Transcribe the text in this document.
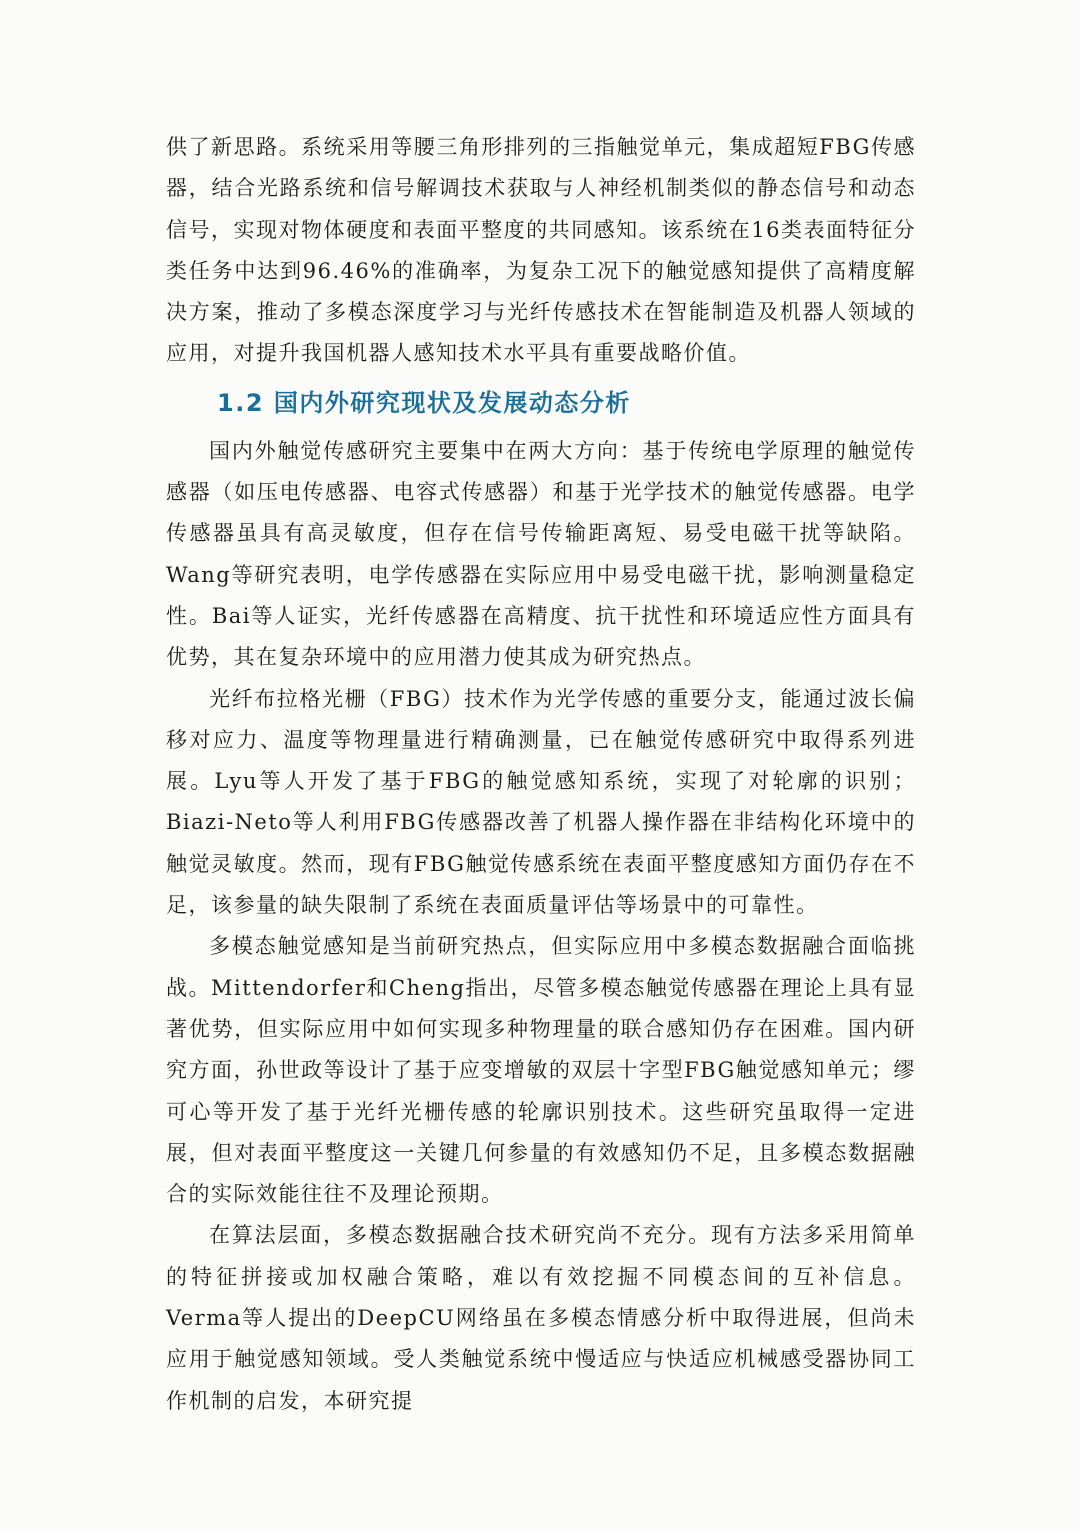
供了新思路。系统采用等腰三角形排列的三指触觉单元，集成超短FBG传感器，结合光路系统和信号解调技术获取与人神经机制类似的静态信号和动态信号，实现对物体硬度和表面平整度的共同感知。该系统在16类表面特征分类任务中达到96.46%的准确率，为复杂工况下的触觉感知提供了高精度解决方案，推动了多模态深度学习与光纤传感技术在智能制造及机器人领域的应用，对提升我国机器人感知技术水平具有重要战略价值。

1.2 国内外研究现状及发展动态分析

国内外触觉传感研究主要集中在两大方向：基于传统电学原理的触觉传感器（如压电传感器、电容式传感器）和基于光学技术的触觉传感器。电学传感器虽具有高灵敏度，但存在信号传输距离短、易受电磁干扰等缺陷。Wang等研究表明，电学传感器在实际应用中易受电磁干扰，影响测量稳定性。Bai等人证实，光纤传感器在高精度、抗干扰性和环境适应性方面具有优势，其在复杂环境中的应用潜力使其成为研究热点。

光纤布拉格光栅（FBG）技术作为光学传感的重要分支，能通过波长偏移对应力、温度等物理量进行精确测量，已在触觉传感研究中取得系列进展。Lyu等人开发了基于FBG的触觉感知系统，实现了对轮廓的识别；Biazi-Neto等人利用FBG传感器改善了机器人操作器在非结构化环境中的触觉灵敏度。然而，现有FBG触觉传感系统在表面平整度感知方面仍存在不足，该参量的缺失限制了系统在表面质量评估等场景中的可靠性。

多模态触觉感知是当前研究热点，但实际应用中多模态数据融合面临挑战。Mittendorfer和Cheng指出，尽管多模态触觉传感器在理论上具有显著优势，但实际应用中如何实现多种物理量的联合感知仍存在困难。国内研究方面，孙世政等设计了基于应变增敏的双层十字型FBG触觉感知单元；缪可心等开发了基于光纤光栅传感的轮廓识别技术。这些研究虽取得一定进展，但对表面平整度这一关键几何参量的有效感知仍不足，且多模态数据融合的实际效能往往不及理论预期。

在算法层面，多模态数据融合技术研究尚不充分。现有方法多采用简单的特征拼接或加权融合策略，难以有效挖掘不同模态间的互补信息。Verma等人提出的DeepCU网络虽在多模态情感分析中取得进展，但尚未应用于触觉感知领域。受人类触觉系统中慢适应与快适应机械感受器协同工作机制的启发，本研究提
